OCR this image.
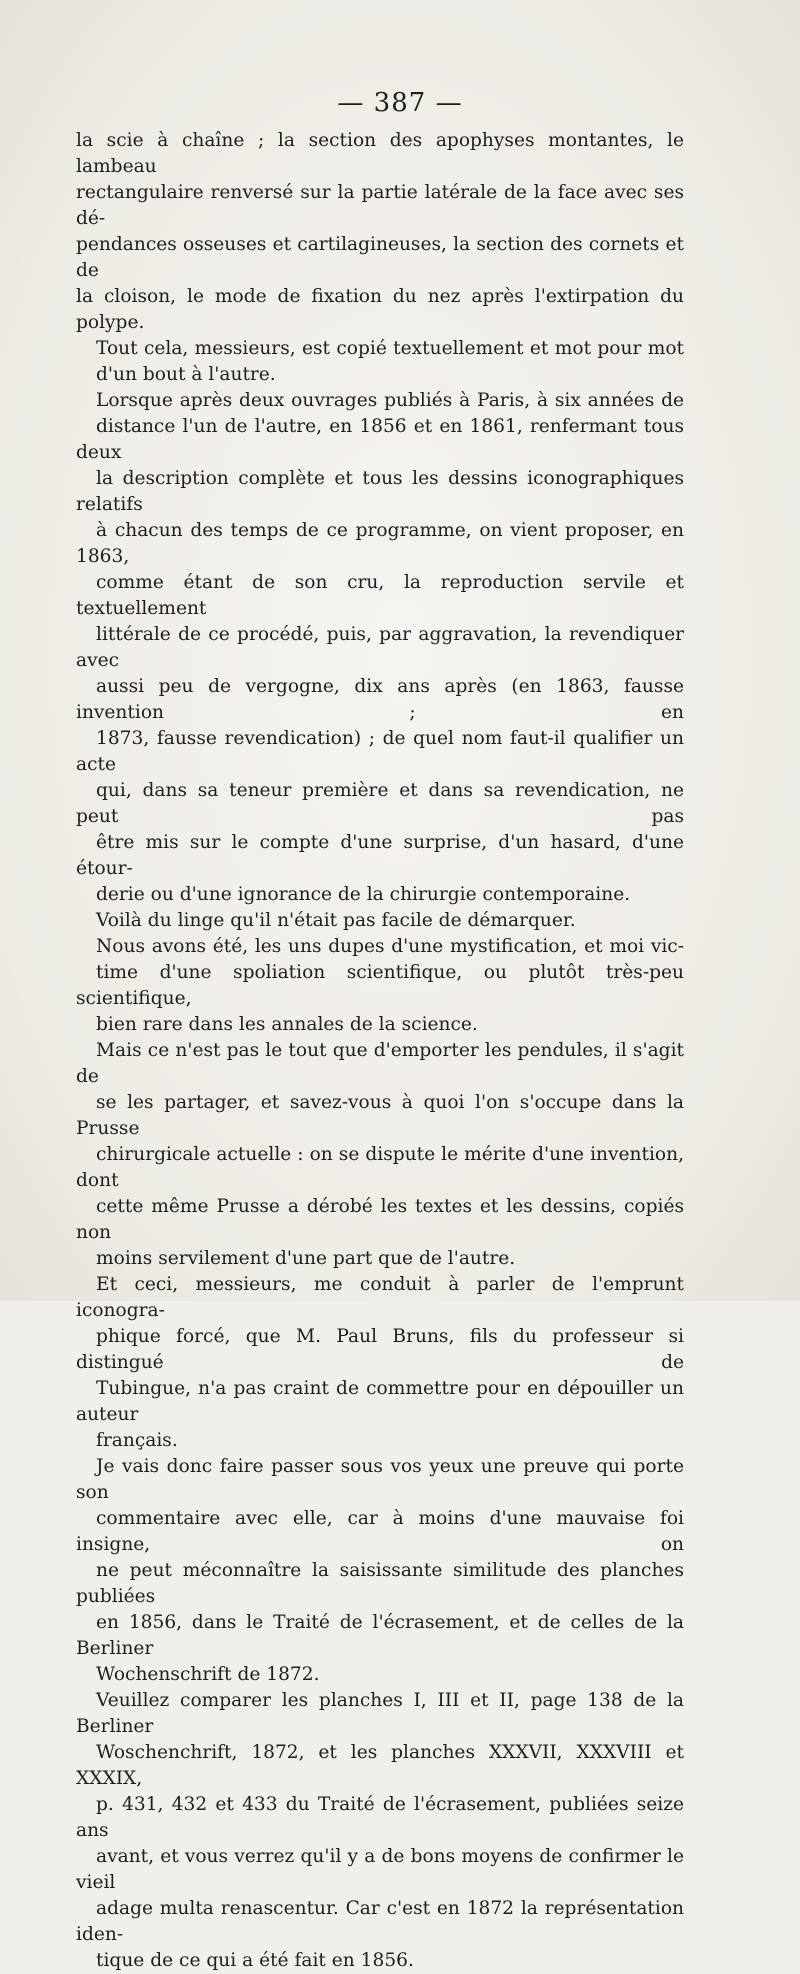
— 387 —

la scie à chaîne ; la section des apophyses montantes, le lambeau
rectangulaire renversé sur la partie latérale de la face avec ses dé-
pendances osseuses et cartilagineuses, la section des cornets et de
la cloison, le mode de fixation du nez après l'extirpation du polype.

Tout cela, messieurs, est copié textuellement et mot pour mot
d'un bout à l'autre.

Lorsque après deux ouvrages publiés à Paris, à six années de
distance l'un de l'autre, en 1856 et en 1861, renfermant tous deux
la description complète et tous les dessins iconographiques relatifs
à chacun des temps de ce programme, on vient proposer, en 1863,
comme étant de son cru, la reproduction servile et textuellement
littérale de ce procédé, puis, par aggravation, la revendiquer avec
aussi peu de vergogne, dix ans après (en 1863, fausse invention ; en
1873, fausse revendication) ; de quel nom faut-il qualifier un acte
qui, dans sa teneur première et dans sa revendication, ne peut pas
être mis sur le compte d'une surprise, d'un hasard, d'une étour-
derie ou d'une ignorance de la chirurgie contemporaine.

Voilà du linge qu'il n'était pas facile de démarquer.

Nous avons été, les uns dupes d'une mystification, et moi vic-
time d'une spoliation scientifique, ou plutôt très-peu scientifique,
bien rare dans les annales de la science.

Mais ce n'est pas le tout que d'emporter les pendules, il s'agit de
se les partager, et savez-vous à quoi l'on s'occupe dans la Prusse
chirurgicale actuelle : on se dispute le mérite d'une invention, dont
cette même Prusse a dérobé les textes et les dessins, copiés non
moins servilement d'une part que de l'autre.

Et ceci, messieurs, me conduit à parler de l'emprunt iconogra-
phique forcé, que M. Paul Bruns, fils du professeur si distingué de
Tubingue, n'a pas craint de commettre pour en dépouiller un auteur
français.

Je vais donc faire passer sous vos yeux une preuve qui porte son
commentaire avec elle, car à moins d'une mauvaise foi insigne, on
ne peut méconnaître la saisissante similitude des planches publiées
en 1856, dans le Traité de l'écrasement, et de celles de la Berliner
Wochenschrift de 1872.

Veuillez comparer les planches I, III et II, page 138 de la Berliner
Woschenchrift, 1872, et les planches XXXVII, XXXVIII et XXXIX,
p. 431, 432 et 433 du Traité de l'écrasement, publiées seize ans
avant, et vous verrez qu'il y a de bons moyens de confirmer le vieil
adage multa renascentur. Car c'est en 1872 la représentation iden-
tique de ce qui a été fait en 1856.
